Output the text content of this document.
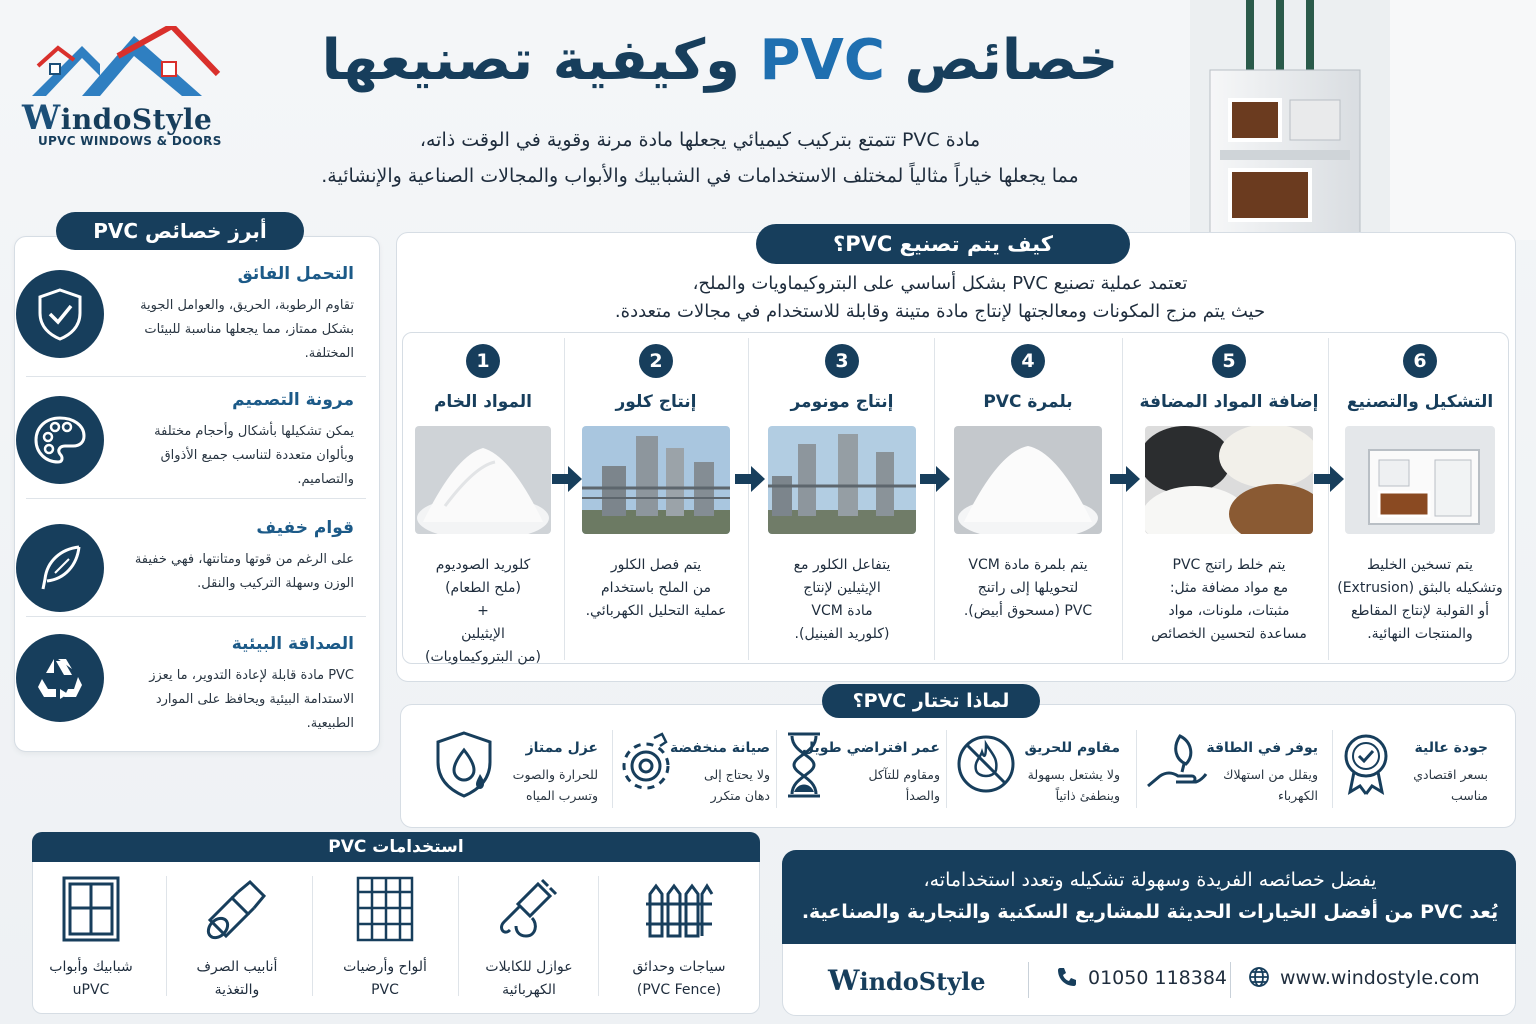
WindoStyle
UPVC WINDOWS & DOORS
خصائص PVC وكيفية تصنيعها
مادة PVC تتمتع بتركيب كيميائي يجعلها مادة مرنة وقوية في الوقت ذاته،
مما يجعلها خياراً مثالياً لمختلف الاستخدامات في الشبابيك والأبواب والمجالات الصناعية والإنشائية.
أبرز خصائص PVC
التحمل الفائق
تقاوم الرطوبة، الحريق، والعوامل الجوية بشكل ممتاز، مما يجعلها مناسبة للبيئات المختلفة.
مرونة التصميم
يمكن تشكيلها بأشكال وأحجام مختلفة وبألوان متعددة لتناسب جميع الأذواق والتصاميم.
قوام خفيف
على الرغم من قوتها ومتانتها، فهي خفيفة الوزن وسهلة التركيب والنقل.
الصداقة البيئية
PVC مادة قابلة لإعادة التدوير، ما يعزز الاستدامة البيئية ويحافظ على الموارد الطبيعية.
كيف يتم تصنيع PVC؟
تعتمد عملية تصنيع PVC بشكل أساسي على البتروكيماويات والملح،
حيث يتم مزج المكونات ومعالجتها لإنتاج مادة متينة وقابلة للاستخدام في مجالات متعددة.
1
المواد الخام
كلوريد الصوديوم
(ملح الطعام)
+
الإيثيلين
(من البتروكيماويات)
2
إنتاج كلور
يتم فصل الكلور
من الملح باستخدام
عملية التحليل الكهربائي.
3
إنتاج مونومر
يتفاعل الكلور مع
الإيثيلين لإنتاج
مادة VCM
(كلوريد الفينيل).
4
بلمرة PVC
يتم بلمرة مادة VCM
لتحويلها إلى راتنج
PVC (مسحوق أبيض).
5
إضافة المواد المضافة
يتم خلط راتنج PVC
مع مواد مضافة مثل:
مثبتات، ملونات، مواد
مساعدة لتحسين الخصائص
6
التشكيل والتصنيع
يتم تسخين الخليط
وتشكيله بالبثق (Extrusion)
أو القولبة لإنتاج المقاطع
والمنتجات النهائية.
لماذا تختار PVC؟
جودة عالية
بسعر اقتصادي
مناسب
يوفر في الطاقة
ويقلل من استهلاك
الكهرباء
مقاوم للحريق
ولا يشتعل بسهولة
وينطفئ ذاتياً
عمر افتراضي طويل
ومقاوم للتآكل
والصدأ
صيانة منخفضة
ولا يحتاج إلى
دهان متكرر
عزل ممتاز
للحرارة والصوت
وتسرب المياه
استخدامات PVC
سياجات وحدائق
(PVC Fence)
عوازل للكابلات
الكهربائية
ألواح وأرضيات
PVC
أنابيب الصرف
والتغذية
شبابيك وأبواب
uPVC
يفضل خصائصه الفريدة وسهولة تشكيله وتعدد استخداماته،
يُعد PVC من أفضل الخيارات الحديثة للمشاريع السكنية والتجارية والصناعية.
WindoStyle	01050 118384	www.windostyle.com
